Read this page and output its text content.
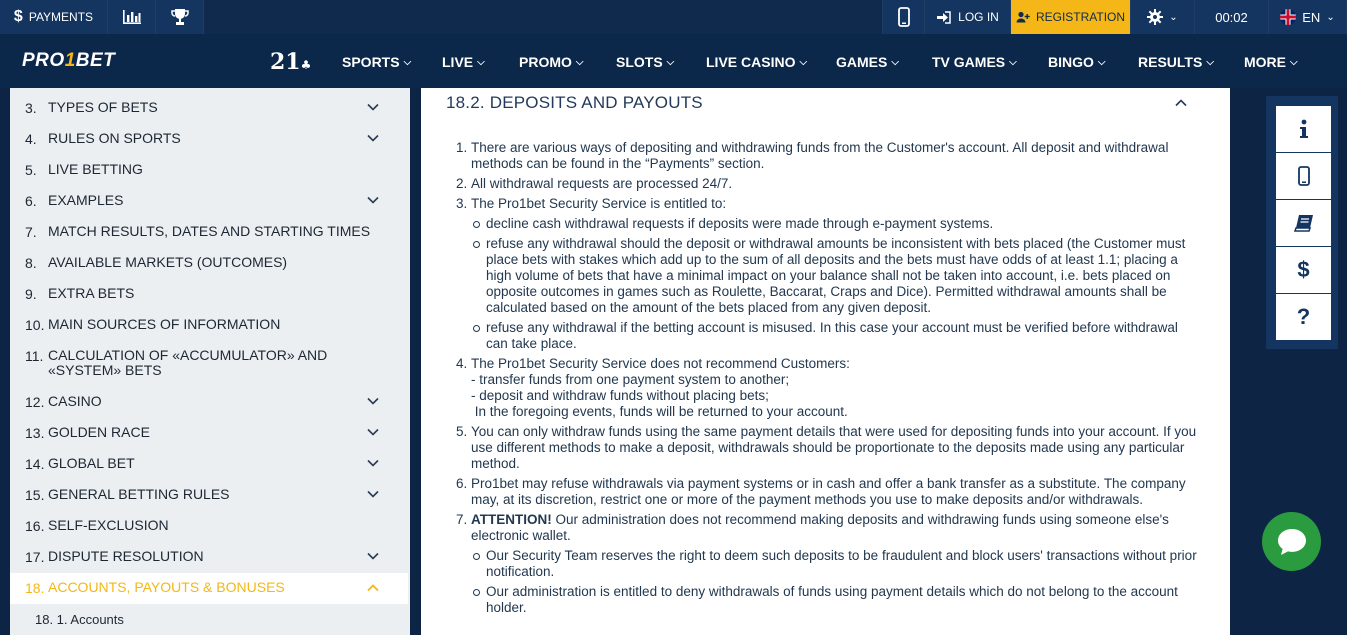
$ PAYMENTS	LOG IN	REGISTRATION	⌄	00:02	EN ⌄
PRO1BET	21♣ SPORTS ⌵ LIVE ⌵ PROMO ⌵ SLOTS ⌵ LIVE CASINO ⌵ GAMES ⌵ TV GAMES ⌵ BINGO ⌵ RESULTS ⌵ MORE ⌵
3. TYPES OF BETS
4. RULES ON SPORTS
5. LIVE BETTING
6. EXAMPLES
7. MATCH RESULTS, DATES AND STARTING TIMES
8. AVAILABLE MARKETS (OUTCOMES)
9. EXTRA BETS
10. MAIN SOURCES OF INFORMATION
11. CALCULATION OF «ACCUMULATOR» AND
«SYSTEM» BETS
12. CASINO
13. GOLDEN RACE
14. GLOBAL BET
15. GENERAL BETTING RULES
16. SELF-EXCLUSION
17. DISPUTE RESOLUTION
18. ACCOUNTS, PAYOUTS & BONUSES
18. 1. Accounts
18.2. DEPOSITS AND PAYOUTS
1. There are various ways of depositing and withdrawing funds from the Customer's account. All deposit and withdrawal methods can be found in the “Payments” section.
2. All withdrawal requests are processed 24/7.
3. The Pro1bet Security Service is entitled to:
decline cash withdrawal requests if deposits were made through e-payment systems.
refuse any withdrawal should the deposit or withdrawal amounts be inconsistent with bets placed (the Customer must place bets with stakes which add up to the sum of all deposits and the bets must have odds of at least 1.1; placing a high volume of bets that have a minimal impact on your balance shall not be taken into account, i.e. bets placed on opposite outcomes in games such as Roulette, Baccarat, Craps and Dice). Permitted withdrawal amounts shall be calculated based on the amount of the bets placed from any given deposit.
refuse any withdrawal if the betting account is misused. In this case your account must be verified before withdrawal can take place.
4. The Pro1bet Security Service does not recommend Customers:
- transfer funds from one payment system to another;
- deposit and withdraw funds without placing bets;
In the foregoing events, funds will be returned to your account.
5. You can only withdraw funds using the same payment details that were used for depositing funds into your account. If you use different methods to make a deposit, withdrawals should be proportionate to the deposits made using any particular method.
6. Pro1bet may refuse withdrawals via payment systems or in cash and offer a bank transfer as a substitute. The company may, at its discretion, restrict one or more of the payment methods you use to make deposits and/or withdrawals.
7. ATTENTION! Our administration does not recommend making deposits and withdrawing funds using someone else's electronic wallet.
Our Security Team reserves the right to deem such deposits to be fraudulent and block users' transactions without prior notification.
Our administration is entitled to deny withdrawals of funds using payment details which do not belong to the account holder.
$
?
